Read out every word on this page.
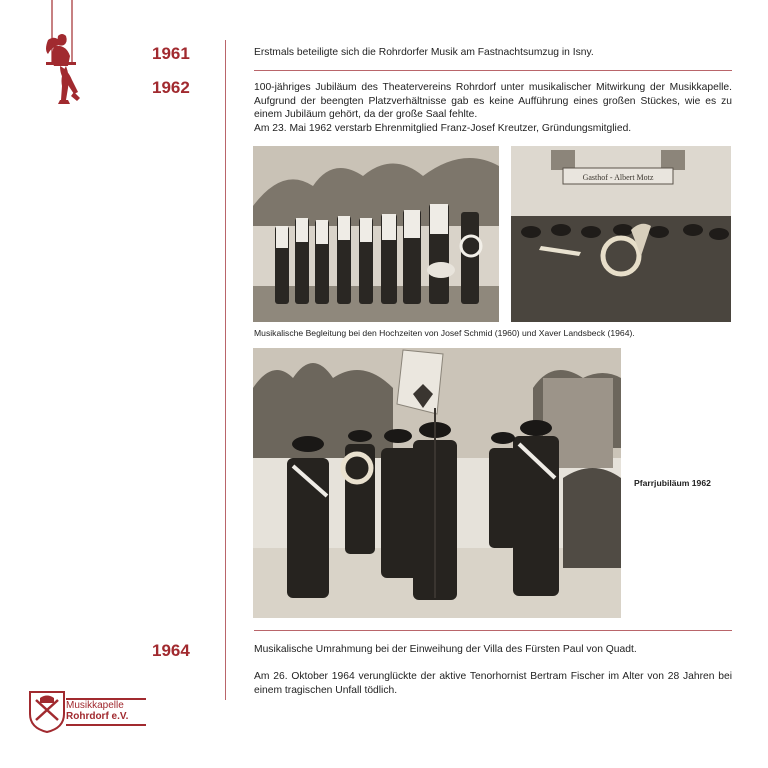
1961	Erstmals beteiligte sich die Rohrdorfer Musik am Fastnachtsumzug in Isny.
1962	100-jähriges Jubiläum des Theatervereins Rohrdorf unter musikalischer Mitwirkung der Musikkapelle. Aufgrund der beengten Platzverhältnisse gab es keine Aufführung eines großen Stückes, wie es zu einem Jubiläum gehört, da der große Saal fehlte.
Am 23. Mai 1962 verstarb Ehrenmitglied Franz-Josef Kreutzer, Gründungsmitglied.
Gasthof - Albert Motz
Musikalische Begleitung bei den Hochzeiten von Josef Schmid (1960) und Xaver Landsbeck (1964).
Pfarrjubiläum 1962
1964	Musikalische Umrahmung bei der Einweihung der Villa des Fürsten Paul von Quadt.
Am 26. Oktober 1964 verunglückte der aktive Tenorhornist Bertram Fischer im Alter von 28 Jahren bei einem tragischen Unfall tödlich.
Musikkapelle
Rohrdorf e.V.
